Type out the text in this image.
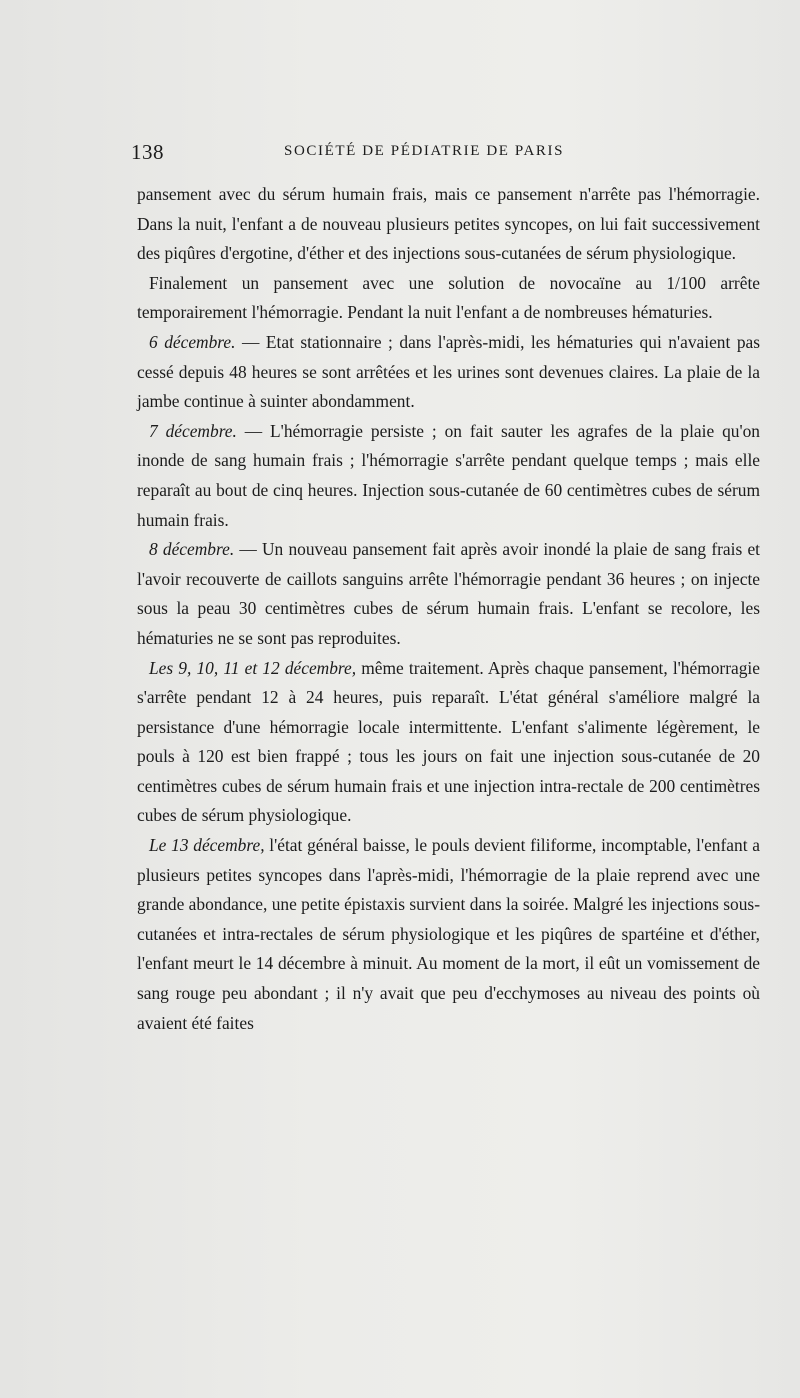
138	SOCIÉTÉ DE PÉDIATRIE DE PARIS

pansement avec du sérum humain frais, mais ce pansement n'arrête pas l'hémorragie. Dans la nuit, l'enfant a de nouveau plusieurs petites syncopes, on lui fait successivement des piqûres d'ergotine, d'éther et des injections sous-cutanées de sérum physiologique.

Finalement un pansement avec une solution de novocaïne au 1/100 arrête temporairement l'hémorragie. Pendant la nuit l'enfant a de nombreuses hématuries.

6 décembre. — Etat stationnaire ; dans l'après-midi, les hématuries qui n'avaient pas cessé depuis 48 heures se sont arrêtées et les urines sont devenues claires. La plaie de la jambe continue à suinter abondamment.

7 décembre. — L'hémorragie persiste ; on fait sauter les agrafes de la plaie qu'on inonde de sang humain frais ; l'hémorragie s'arrête pendant quelque temps ; mais elle reparaît au bout de cinq heures. Injection sous-cutanée de 60 centimètres cubes de sérum humain frais.

8 décembre. — Un nouveau pansement fait après avoir inondé la plaie de sang frais et l'avoir recouverte de caillots sanguins arrête l'hémorragie pendant 36 heures ; on injecte sous la peau 30 centimètres cubes de sérum humain frais. L'enfant se recolore, les hématuries ne se sont pas reproduites.

Les 9, 10, 11 et 12 décembre, même traitement. Après chaque pansement, l'hémorragie s'arrête pendant 12 à 24 heures, puis reparaît. L'état général s'améliore malgré la persistance d'une hémorragie locale intermittente. L'enfant s'alimente légèrement, le pouls à 120 est bien frappé ; tous les jours on fait une injection sous-cutanée de 20 centimètres cubes de sérum humain frais et une injection intra-rectale de 200 centimètres cubes de sérum physiologique.

Le 13 décembre, l'état général baisse, le pouls devient filiforme, incomptable, l'enfant a plusieurs petites syncopes dans l'après-midi, l'hémorragie de la plaie reprend avec une grande abondance, une petite épistaxis survient dans la soirée. Malgré les injections sous-cutanées et intra-rectales de sérum physiologique et les piqûres de spartéine et d'éther, l'enfant meurt le 14 décembre à minuit. Au moment de la mort, il eût un vomissement de sang rouge peu abondant ; il n'y avait que peu d'ecchymoses au niveau des points où avaient été faites
